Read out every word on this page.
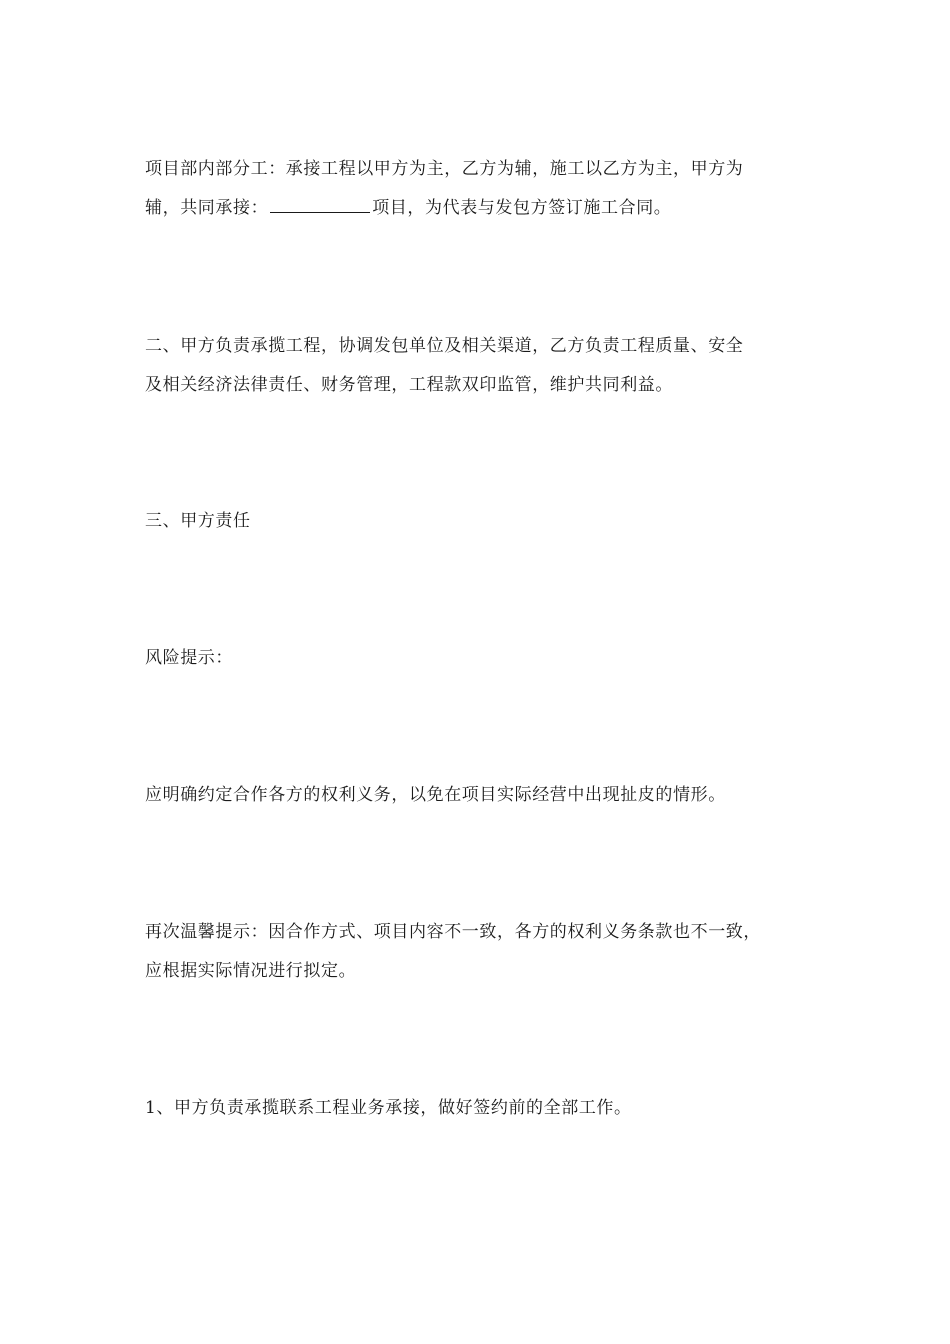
项目部内部分工：承接工程以甲方为主，乙方为辅，施工以乙方为主，甲方为
辅，共同承接：	项目，为代表与发包方签订施工合同。

二、甲方负责承揽工程，协调发包单位及相关渠道，乙方负责工程质量、安全
及相关经济法律责任、财务管理，工程款双印监管，维护共同利益。

三、甲方责任

风险提示：

应明确约定合作各方的权利义务，以免在项目实际经营中出现扯皮的情形。

再次温馨提示：因合作方式、项目内容不一致，各方的权利义务条款也不一致，
应根据实际情况进行拟定。

1、甲方负责承揽联系工程业务承接，做好签约前的全部工作。
